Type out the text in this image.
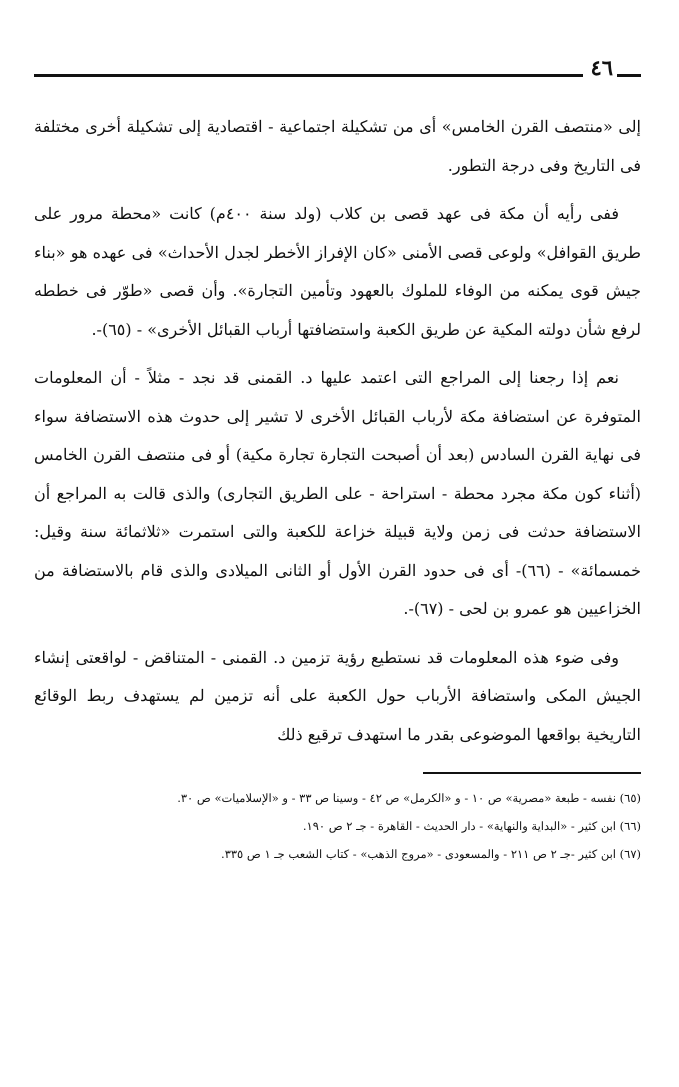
٤٦

إلى «منتصف القرن الخامس» أى من تشكيلة اجتماعية - اقتصادية إلى تشكيلة أخرى مختلفة فى التاريخ وفى درجة التطور.

ففى رأيه أن مكة فى عهد قصى بن كلاب (ولد سنة ٤٠٠م) كانت «محطة مرور على طريق القوافل» ولوعى قصى الأمنى «كان الإفراز الأخطر لجدل الأحداث» فى عهده هو «بناء جيش قوى يمكنه من الوفاء للملوك بالعهود وتأمين التجارة». وأن قصى «طوّر فى خططه لرفع شأن دولته المكية عن طريق الكعبة واستضافتها أرباب القبائل الأخرى» - (٦٥)-.

نعم إذا رجعنا إلى المراجع التى اعتمد عليها د. القمنى قد نجد - مثلاً - أن المعلومات المتوفرة عن استضافة مكة لأرباب القبائل الأخرى لا تشير إلى حدوث هذه الاستضافة سواء فى نهاية القرن السادس (بعد أن أصبحت التجارة تجارة مكية) أو فى منتصف القرن الخامس (أثناء كون مكة مجرد محطة - استراحة - على الطريق التجارى) والذى قالت به المراجع أن الاستضافة حدثت فى زمن ولاية قبيلة خزاعة للكعبة والتى استمرت «ثلاثمائة سنة وقيل: خمسمائة» - (٦٦)- أى فى حدود القرن الأول أو الثانى الميلادى والذى قام بالاستضافة من الخزاعيين هو عمرو بن لحى - (٦٧)-.

وفى ضوء هذه المعلومات قد نستطيع رؤية تزمين د. القمنى - المتناقض - لواقعتى إنشاء الجيش المكى واستضافة الأرباب حول الكعبة على أنه تزمين لم يستهدف ربط الوقائع التاريخية بواقعها الموضوعى بقدر ما استهدف ترقيع ذلك

(٦٥) نفسه - طبعة «مصرية» ص ١٠ - و «الكرمل» ص ٤٢ - وسينا ص ٣٣ - و «الإسلاميات» ص ٣٠.

(٦٦) ابن كثير - «البداية والنهاية» - دار الحديث - القاهرة - جـ ٢ ص ١٩٠.

(٦٧) ابن كثير -جـ ٢ ص ٢١١ - والمسعودى - «مروج الذهب» - كتاب الشعب جـ ١ ص ٣٣٥.
